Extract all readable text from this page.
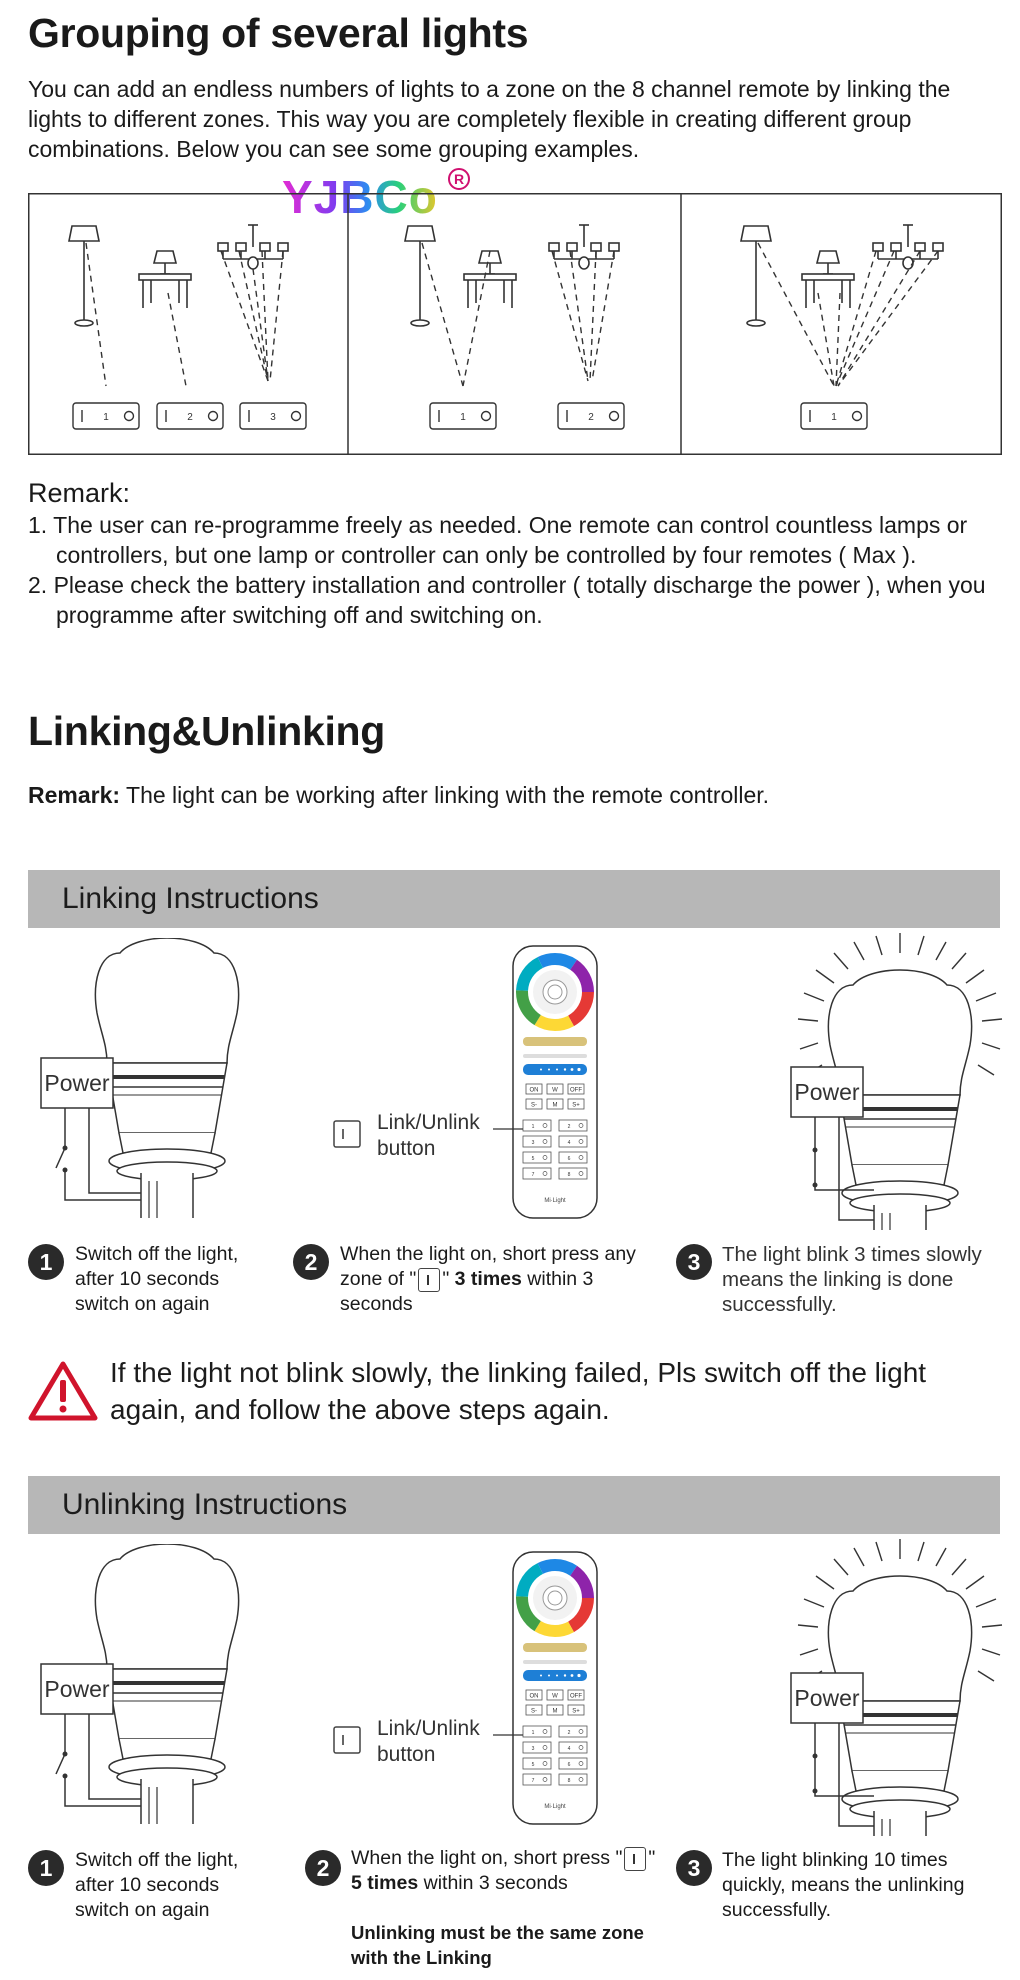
Grouping of several lights
You can add an endless numbers of lights to a zone on the 8 channel remote by linking the lights to different zones. This way you are completely flexible in creating different group combinations. Below you can see some grouping examples.
YJBCo	R
1	2	3	1	2	1
Remark:
1. The user can re-programme freely as needed. One remote can control countless lamps or controllers, but one lamp or controller can only be controlled by four remotes ( Max ).
2. Please check the battery installation and controller ( totally discharge the power ), when you programme after switching off and switching on.
Linking&Unlinking
Remark: The light can be working after linking with the remote controller.
Linking Instructions
Power	ON W OFF
S-	M S+
1	2
3	4
5	6
7	8
Mi·Light
Link/Unlink
button
Power
1	Switch off the light, after 10 seconds switch on again
2	When the light on, short press any zone of " " 3 times within 3 seconds
3	The light blink 3 times slowly means the linking is done successfully.
If the light not blink slowly, the linking failed, Pls switch off the light again, and follow the above steps again.
Unlinking Instructions
Power	ON W OFF
S-	M S+
1	2
3	4
5	6
7	8
Mi·Light
Link/Unlink
button
Power
1	Switch off the light, after 10 seconds switch on again
2	When the light on, short press " " 5 times within 3 seconds
Unlinking must be the same zone with the Linking
3	The light blinking 10 times quickly, means the unlinking successfully.
